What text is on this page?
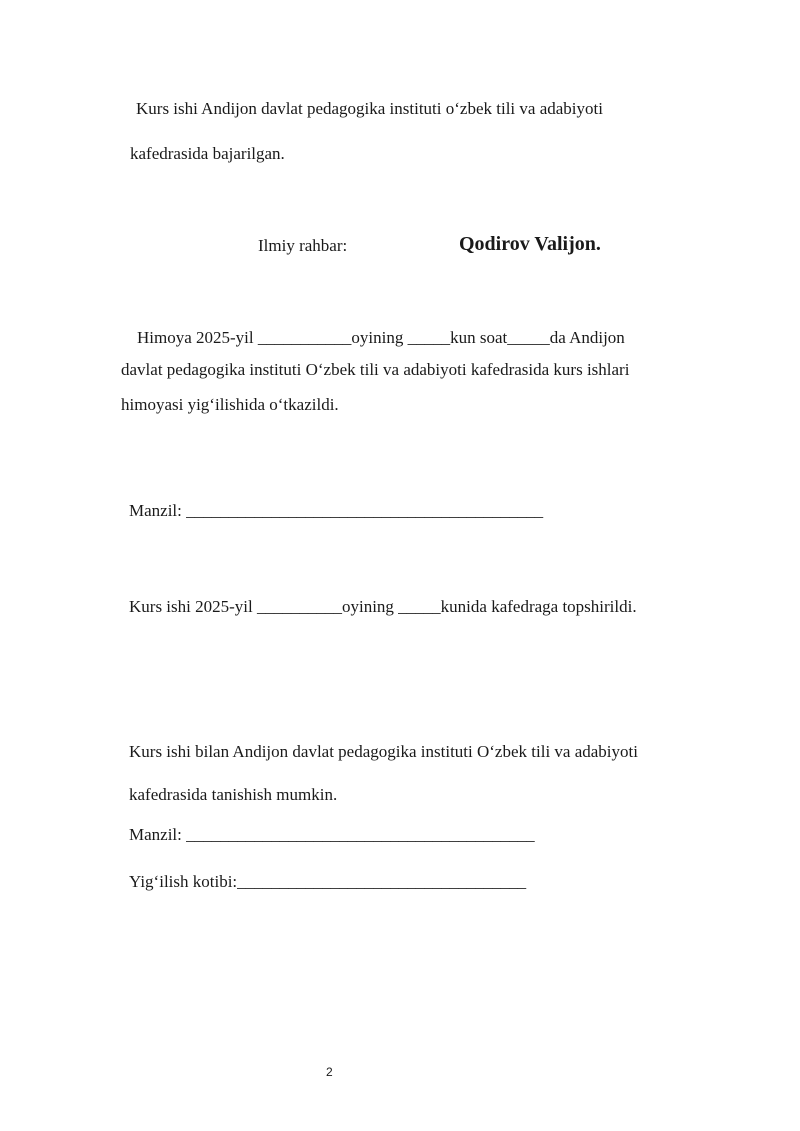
Kurs ishi Andijon davlat pedagogika instituti o‘zbek tili va adabiyoti
kafedrasida bajarilgan.
Ilmiy rahbar:	Qodirov Valijon.
Himoya 2025-yil ___________oyining _____kun soat_____da Andijon
davlat pedagogika instituti O‘zbek tili va adabiyoti kafedrasida kurs ishlari
himoyasi yig‘ilishida o‘tkazildi.
Manzil: __________________________________________
Kurs ishi 2025-yil __________oyining _____kunida kafedraga topshirildi.
Kurs ishi bilan Andijon davlat pedagogika instituti O‘zbek tili va adabiyoti
kafedrasida tanishish mumkin.
Manzil: _________________________________________
Yig‘ilish kotibi:__________________________________
2
